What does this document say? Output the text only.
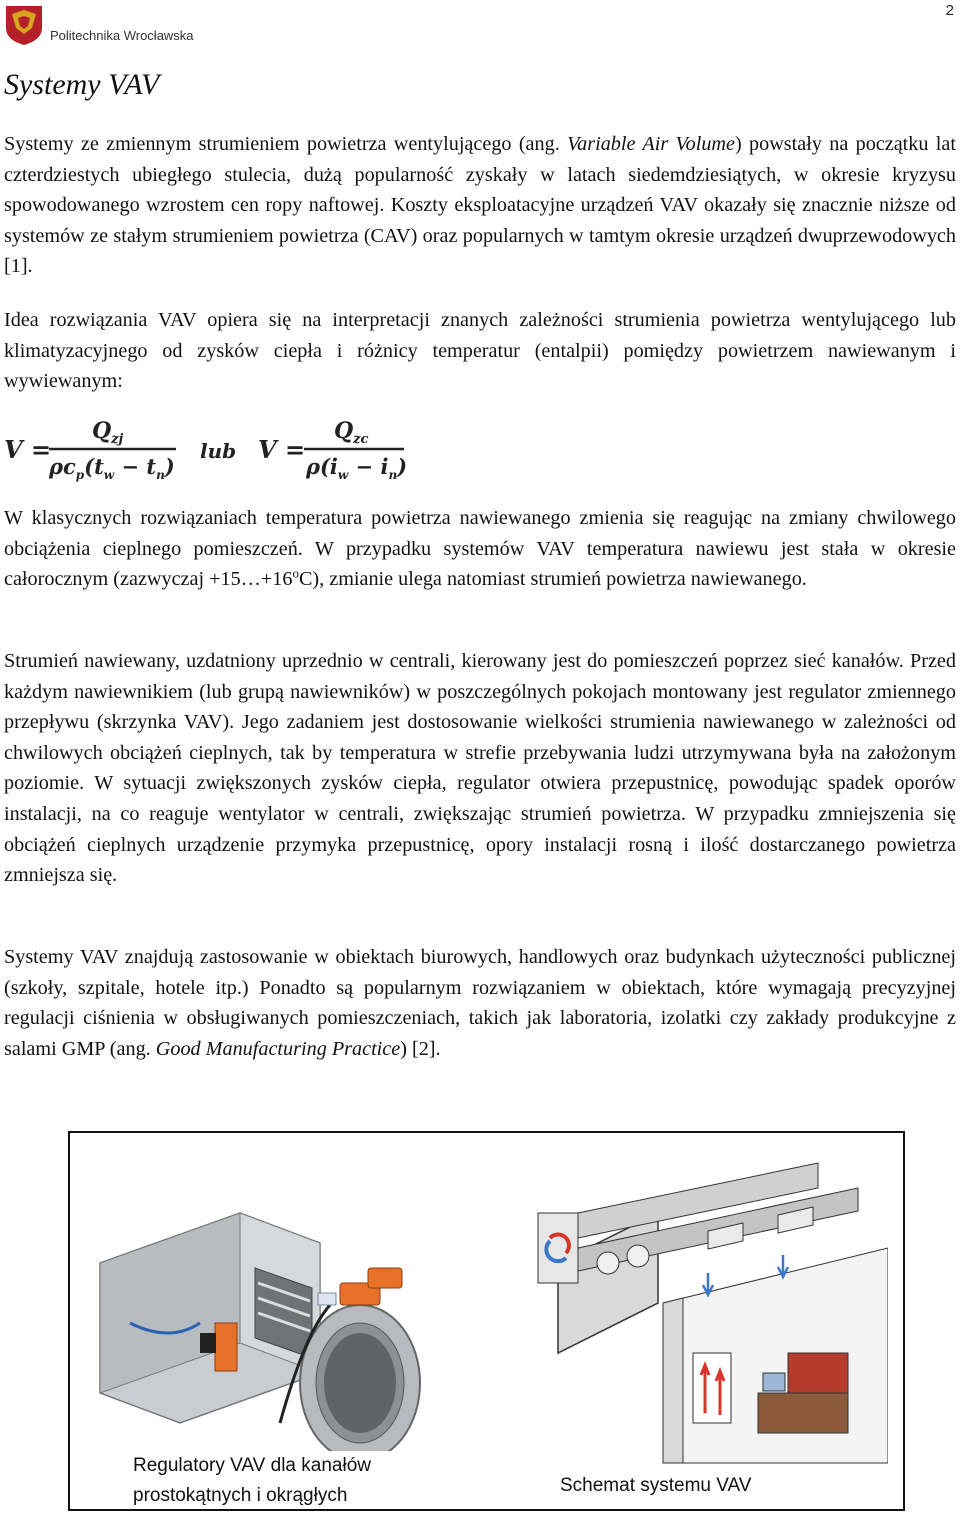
2
Politechnika Wrocławska
Systemy VAV

Systemy ze zmiennym strumieniem powietrza wentylującego (ang. Variable Air Volume) powstały na początku lat czterdziestych ubiegłego stulecia, dużą popularność zyskały w latach siedemdziesiątych, w okresie kryzysu spowodowanego wzrostem cen ropy naftowej. Koszty eksploatacyjne urządzeń VAV okazały się znacznie niższe od systemów ze stałym strumieniem powietrza (CAV) oraz popularnych w tamtym okresie urządzeń dwuprzewodowych [1].

Idea rozwiązania VAV opiera się na interpretacji znanych zależności strumienia powietrza wentylującego lub klimatyzacyjnego od zysków ciepła i różnicy temperatur (entalpii) pomiędzy powietrzem nawiewanym i wywiewanym:

V =
$Q_{zj}$
$\rho c_p(t_w - t_n)$
lub V =
$Q_{zc}$
$\rho(i_w - i_n)$

W klasycznych rozwiązaniach temperatura powietrza nawiewanego zmienia się reagując na zmiany chwilowego obciążenia cieplnego pomieszczeń. W przypadku systemów VAV temperatura nawiewu jest stała w okresie całorocznym (zazwyczaj $+15\dots+16^oC$), zmianie ulega natomiast strumień powietrza nawiewanego.

Strumień nawiewany, uzdatniony uprzednio w centrali, kierowany jest do pomieszczeń poprzez sieć kanałów. Przed każdym nawiewnikiem (lub grupą nawiewników) w poszczególnych pokojach montowany jest regulator zmiennego przepływu (skrzynka VAV). Jego zadaniem jest dostosowanie wielkości strumienia nawiewanego w zależności od chwilowych obciążeń cieplnych, tak by temperatura w strefie przebywania ludzi utrzymywana była na założonym poziomie. W sytuacji zwiększonych zysków ciepła, regulator otwiera przepustnicę, powodując spadek oporów instalacji, na co reaguje wentylator w centrali, zwiększając strumień powietrza. W przypadku zmniejszenia się obciążeń cieplnych urządzenie przymyka przepustnicę, opory instalacji rosną i ilość dostarczanego powietrza zmniejsza się.

Systemy VAV znajdują zastosowanie w obiektach biurowych, handlowych oraz budynkach użyteczności publicznej (szkoły, szpitale, hotele itp.) Ponadto są popularnym rozwiązaniem w obiektach, które wymagają precyzyjnej regulacji ciśnienia w obsługiwanych pomieszczeniach, takich jak laboratoria, izolatki czy zakłady produkcyjne z salami GMP (ang. Good Manufacturing Practice) [2].

Regulatory VAV dla kanałów
prostokątnych i okrągłych	Schemat systemu VAV
